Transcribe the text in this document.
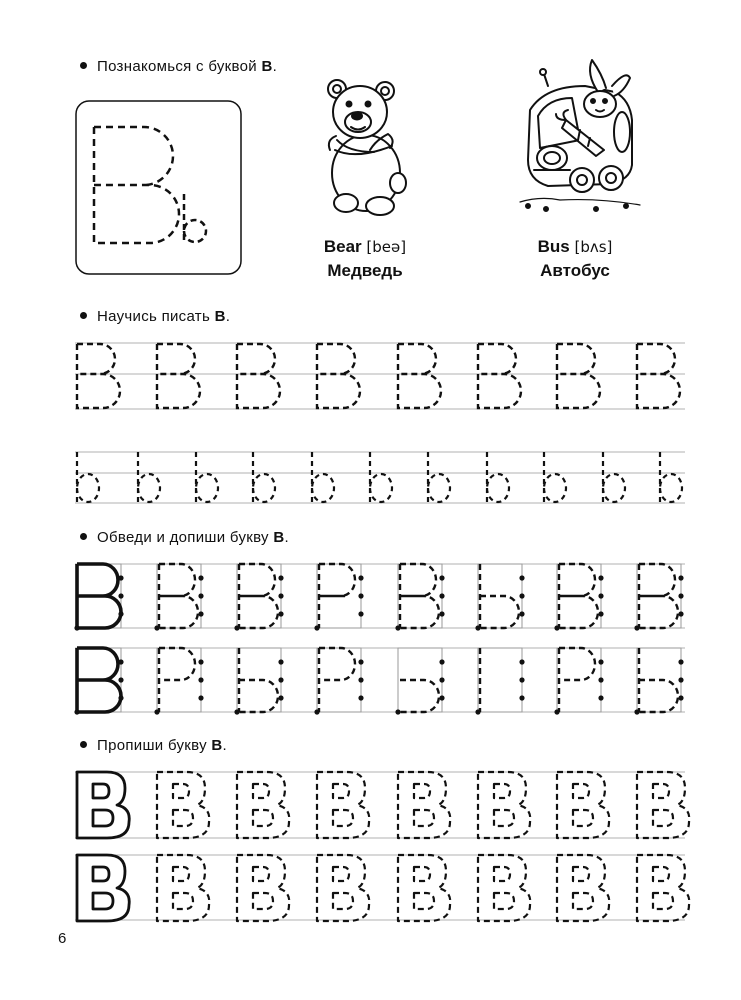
Познакомься с буквой B.
Научись писать B.
Обведи и допиши букву B.
Пропиши букву B.
Bear [beə]
Медведь
Bus [bʌs]
Автобус
6
